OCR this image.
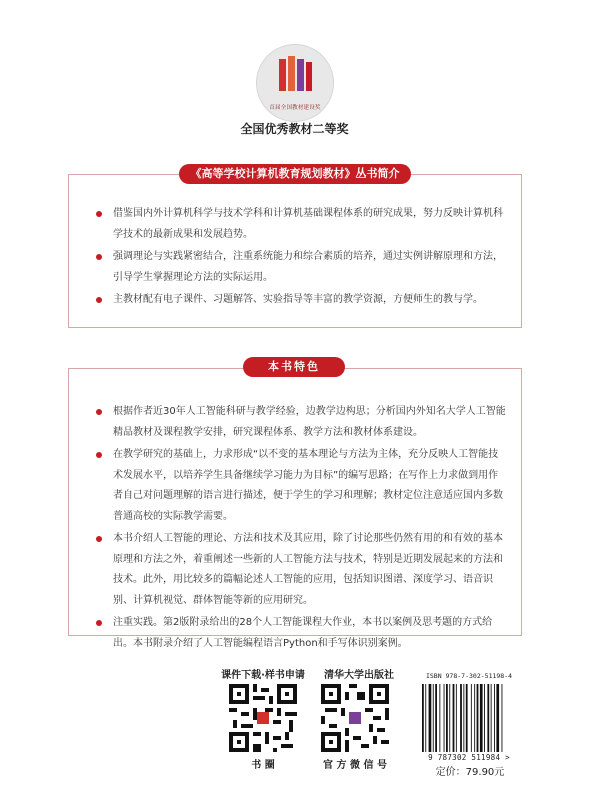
首届全国教材建设奖
全国优秀教材二等奖
《高等学校计算机教育规划教材》丛书简介
借鉴国内外计算机科学与技术学科和计算机基础课程体系的研究成果，努力反映计算机科学技术的最新成果和发展趋势。
强调理论与实践紧密结合，注重系统能力和综合素质的培养，通过实例讲解原理和方法，引导学生掌握理论方法的实际运用。
主教材配有电子课件、习题解答、实验指导等丰富的教学资源，方便师生的教与学。
本书特色
根据作者近30年人工智能科研与教学经验，边教学边构思；分析国内外知名大学人工智能精品教材及课程教学安排，研究课程体系、教学方法和教材体系建设。
在教学研究的基础上，力求形成“以不变的基本理论与方法为主体，充分反映人工智能技术发展水平，以培养学生具备继续学习能力为目标”的编写思路；在写作上力求做到用作者自己对问题理解的语言进行描述，便于学生的学习和理解；教材定位注意适应国内多数普通高校的实际教学需要。
本书介绍人工智能的理论、方法和技术及其应用，除了讨论那些仍然有用的和有效的基本原理和方法之外，着重阐述一些新的人工智能方法与技术，特别是近期发展起来的方法和技术。此外，用比较多的篇幅论述人工智能的应用，包括知识图谱、深度学习、语音识别、计算机视觉、群体智能等新的应用研究。
注重实践。第2版附录给出的28个人工智能课程大作业，本书以案例及思考题的方式给出。本书附录介绍了人工智能编程语言Python和手写体识别案例。
课件下载·样书申请
书 圈
清华大学出版社
官 方 微 信 号
ISBN 978-7-302-51198-4
9 787302 511984 >
定价：79.90元
